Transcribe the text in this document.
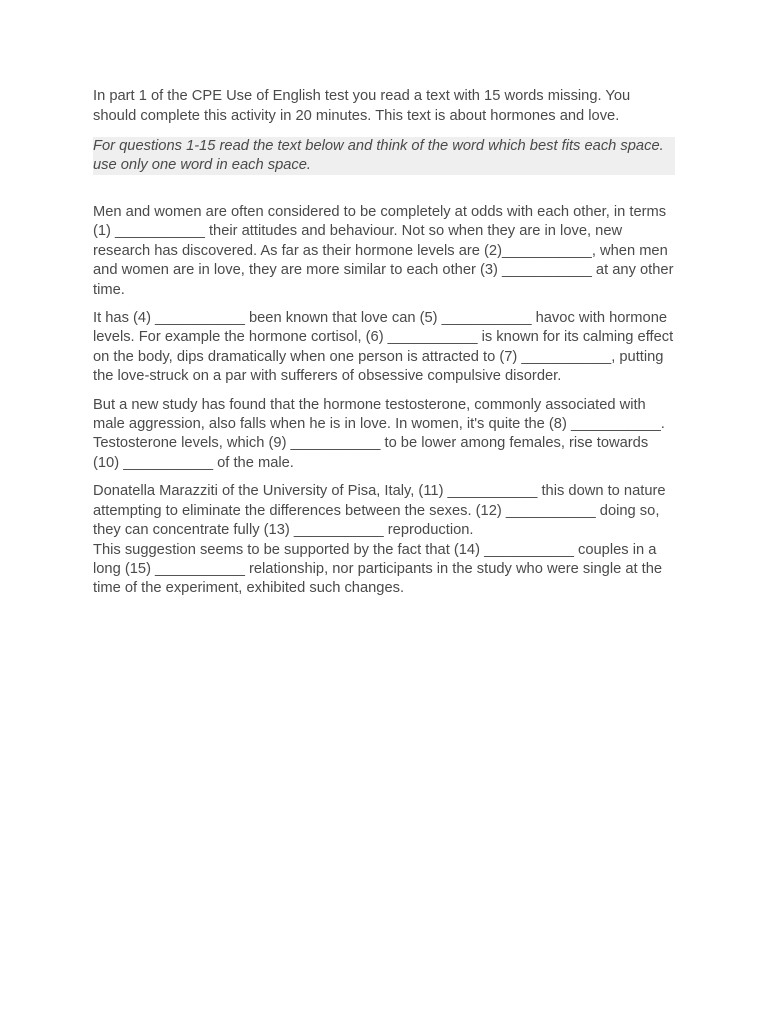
In part 1 of the CPE Use of English test you read a text with 15 words missing. You should complete this activity in 20 minutes. This text is about hormones and love.

For questions 1-15 read the text below and think of the word which best fits each space. use only one word in each space.

Men and women are often considered to be completely at odds with each other, in terms (1) ___________ their attitudes and behaviour. Not so when they are in love, new research has discovered. As far as their hormone levels are (2)___________, when men and women are in love, they are more similar to each other (3) ___________ at any other time.

It has (4) ___________ been known that love can (5) ___________ havoc with hormone levels. For example the hormone cortisol, (6) ___________ is known for its calming effect on the body, dips dramatically when one person is attracted to (7) ___________, putting the love-struck on a par with sufferers of obsessive compulsive disorder.

But a new study has found that the hormone testosterone, commonly associated with male aggression, also falls when he is in love. In women, it's quite the (8) ___________. Testosterone levels, which (9) ___________ to be lower among females, rise towards (10) ___________ of the male.

Donatella Marazziti of the University of Pisa, Italy, (11) ___________ this down to nature attempting to eliminate the differences between the sexes. (12) ___________ doing so, they can concentrate fully (13) ___________ reproduction.

This suggestion seems to be supported by the fact that (14) ___________ couples in a long (15) ___________ relationship, nor participants in the study who were single at the time of the experiment, exhibited such changes.
